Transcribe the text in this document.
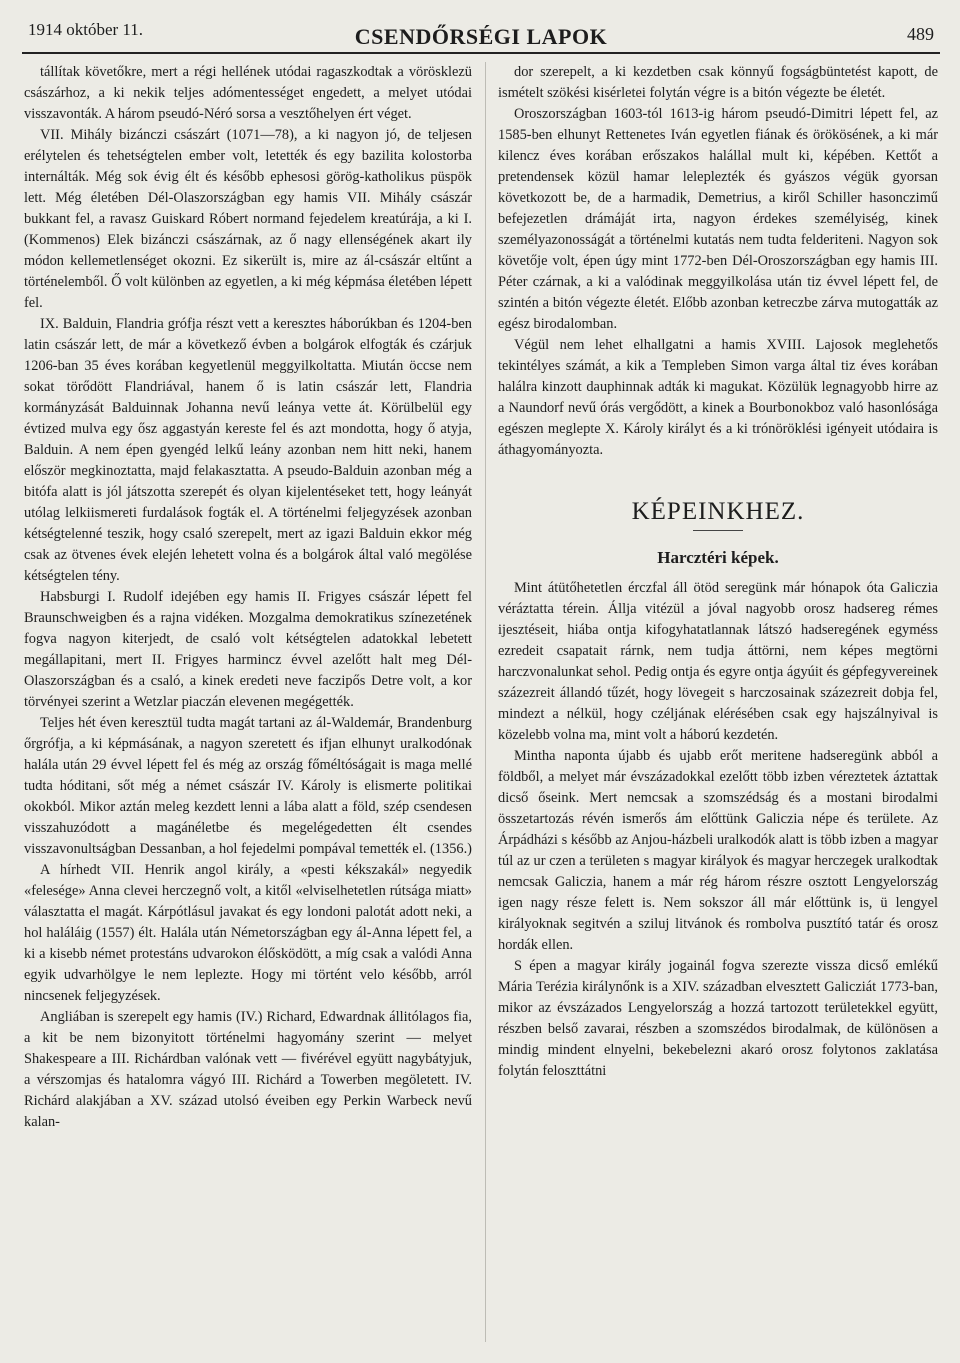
1914 október 11.	CSENDŐRSÉGI LAPOK	489

tállítak követőkre, mert a régi hellének utódai ragaszkodtak a vörösklezü császárhoz, a ki nekik teljes adómentességet engedett, a melyet utódai visszavonták. A három pseudó-Néró sorsa a vesztőhelyen ért véget.

VII. Mihály bizánczi császárt (1071—78), a ki nagyon jó, de teljesen erélytelen és tehetségtelen ember volt, letették és egy bazilita kolostorba internálták. Még sok évig élt és később ephesosi görög-katholikus püspök lett. Még életében Dél-Olaszországban egy hamis VII. Mihály császár bukkant fel, a ravasz Guiskard Róbert normand fejedelem kreatúrája, a ki I. (Kommenos) Elek bizánczi császárnak, az ő nagy ellenségének akart ily módon kellemetlenséget okozni. Ez sikerült is, mire az ál-császár eltűnt a történelemből. Ő volt különben az egyetlen, a ki még képmása életében lépett fel.

IX. Balduin, Flandria grófja részt vett a keresztes háborúkban és 1204-ben latin császár lett, de már a következő évben a bolgárok elfogták és czárjuk 1206-ban 35 éves korában kegyetlenül meggyilkoltatta. Miután öccse nem sokat törődött Flandriával, hanem ő is latin császár lett, Flandria kormányzását Balduinnak Johanna nevű leánya vette át. Körülbelül egy évtized mulva egy ősz aggastyán kereste fel és azt mondotta, hogy ő atyja, Balduin. A nem épen gyengéd lelkű leány azonban nem hitt neki, hanem először megkinoztatta, majd felakasztatta. A pseudo-Balduin azonban még a bitófa alatt is jól játszotta szerepét és olyan kijelentéseket tett, hogy leányát utólag lelkiismereti furdalások fogták el. A történelmi feljegyzések azonban kétségtelenné teszik, hogy csaló szerepelt, mert az igazi Balduin ekkor még csak az ötvenes évek elején lehetett volna és a bolgárok által való megölése kétségtelen tény.

Habsburgi I. Rudolf idejében egy hamis II. Frigyes császár lépett fel Braunschweigben és a rajna vidéken. Mozgalma demokratikus színezetének fogva nagyon kiterjedt, de csaló volt kétségtelen adatokkal lebetett megállapitani, mert II. Frigyes harmincz évvel azelőtt halt meg Dél-Olaszországban és a csaló, a kinek eredeti neve faczipős Detre volt, a kor törvényei szerint a Wetzlar piaczán elevenen megégették.

Teljes hét éven keresztül tudta magát tartani az ál-Waldemár, Brandenburg őrgrófja, a ki képmásának, a nagyon szeretett és ifjan elhunyt uralkodónak halála után 29 évvel lépett fel és még az ország főméltóságait is maga mellé tudta hóditani, sőt még a német császár IV. Károly is elismerte politikai okokból. Mikor aztán meleg kezdett lenni a lába alatt a föld, szép csendesen visszahuzódott a magánéletbe és megelégedetten élt csendes visszavonultságban Dessanban, a hol fejedelmi pompával temették el. (1356.)

A hírhedt VII. Henrik angol király, a «pesti kékszakál» negyedik «felesége» Anna clevei herczegnő volt, a kitől «elviselhetetlen rútsága miatt» választatta el magát. Kárpótlásul javakat és egy londoni palotát adott neki, a hol haláláig (1557) élt. Halála után Németországban egy ál-Anna lépett fel, a ki a kisebb német protestáns udvarokon élősködött, a míg csak a valódi Anna egyik udvarhölgye le nem leplezte. Hogy mi történt velo később, arról nincsenek feljegyzések.

Angliában is szerepelt egy hamis (IV.) Richard, Edwardnak állitólagos fia, a kit be nem bizonyitott történelmi hagyomány szerint — melyet Shakespeare a III. Richárdban valónak vett — fivérével együtt nagybátyjuk, a vérszomjas és hatalomra vágyó III. Richárd a Towerben megöletett. IV. Richárd alakjában a XV. század utolsó éveiben egy Perkin Warbeck nevű kalan-

dor szerepelt, a ki kezdetben csak könnyű fogságbüntetést kapott, de ismételt szökési kisérletei folytán végre is a bitón végezte be életét.

Oroszországban 1603-tól 1613-ig három pseudó-Dimitri lépett fel, az 1585-ben elhunyt Rettenetes Iván egyetlen fiának és örökösének, a ki már kilencz éves korában erőszakos halállal mult ki, képében. Kettőt a pretendensek közül hamar leleplezték és gyászos végük gyorsan követkozott be, de a harmadik, Demetrius, a kiről Schiller hasonczimű befejezetlen drámáját irta, nagyon érdekes személyiség, kinek személyazonosságát a történelmi kutatás nem tudta felderiteni. Nagyon sok követője volt, épen úgy mint 1772-ben Dél-Oroszországban egy hamis III. Péter czárnak, a ki a valódinak meggyilkolása után tiz évvel lépett fel, de szintén a bitón végezte életét. Előbb azonban ketreczbe zárva mutogatták az egész birodalomban.

Végül nem lehet elhallgatni a hamis XVIII. Lajosok meglehetős tekintélyes számát, a kik a Templeben Simon varga által tiz éves korában halálra kinzott dauphinnak adták ki magukat. Közülük legnagyobb hirre az a Naundorf nevű órás vergődött, a kinek a Bourbonokboz való hasonlósága egészen meglepte X. Károly királyt és a ki trónöröklési igényeit utódaira is áthagyományozta.

KÉPEINKHEZ.
Harcztéri képek.

Mint átütőhetetlen érczfal áll ötöd seregünk már hónapok óta Galiczia véráztatta térein. Állja vitézül a jóval nagyobb orosz hadsereg rémes ijesztéseit, hiába ontja kifogyhatatlannak látszó hadseregének egyméss ezredeit csapatait rárnk, nem tudja áttörni, nem képes megtörni harczvonalunkat sehol. Pedig ontja és egyre ontja ágyúit és gépfegyvereinek százezreit állandó tűzét, hogy lövegeit s harczosainak százezreit dobja fel, mindezt a nélkül, hogy czéljának elérésében csak egy hajszálnyival is közelebb volna ma, mint volt a háború kezdetén.

Mintha naponta újabb és ujabb erőt meritene hadseregünk abból a földből, a melyet már évszázadokkal ezelőtt több izben véreztetek áztattak dicső őseink. Mert nemcsak a szomszédság és a mostani birodalmi összetartozás révén ismerős ám előttünk Galiczia népe és területe. Az Árpádházi s később az Anjou-házbeli uralkodók alatt is több izben a magyar túl az ur czen a területen s magyar királyok és magyar herczegek uralkodtak nemcsak Galiczia, hanem a már rég három részre osztott Lengyelország igen nagy része felett is. Nem sokszor áll már előttünk is, ü lengyel királyoknak segitvén a sziluj litvánok és rombolva pusztító tatár és orosz hordák ellen.

S épen a magyar király jogainál fogva szerezte vissza dicső emlékű Mária Terézia királynőnk is a XIV. században elvesztett Galicziát 1773-ban, mikor az évszázados Lengyelország a hozzá tartozott területekkel együtt, részben belső zavarai, részben a szomszédos birodalmak, de különösen a mindig mindent elnyelni, bekebelezni akaró orosz folytonos zaklatása folytán feloszttátni
